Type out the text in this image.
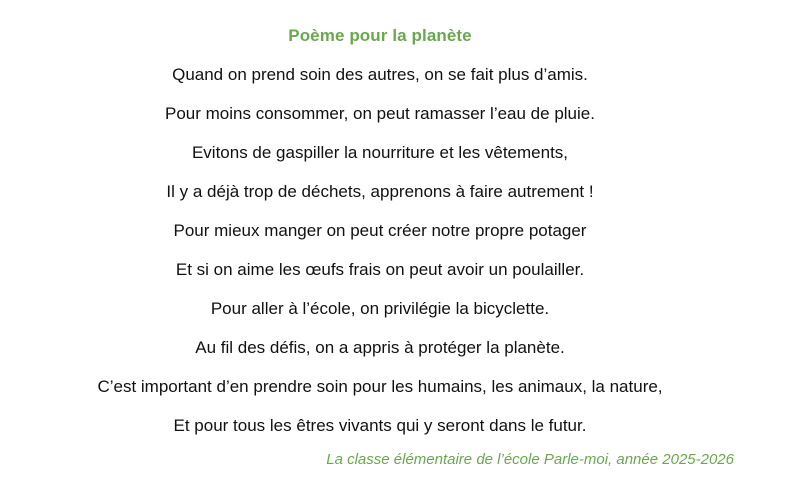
Poème pour la planète
Quand on prend soin des autres, on se fait plus d’amis.
Pour moins consommer, on peut ramasser l’eau de pluie.
Evitons de gaspiller la nourriture et les vêtements,
Il y a déjà trop de déchets, apprenons à faire autrement !
Pour mieux manger on peut créer notre propre potager
Et si on aime les œufs frais on peut avoir un poulailler.
Pour aller à l’école, on privilégie la bicyclette.
Au fil des défis, on a appris à protéger la planète.
C’est important d’en prendre soin pour les humains, les animaux, la nature,
Et pour tous les êtres vivants qui y seront dans le futur.
La classe élémentaire de l’école Parle-moi, année 2025-2026
